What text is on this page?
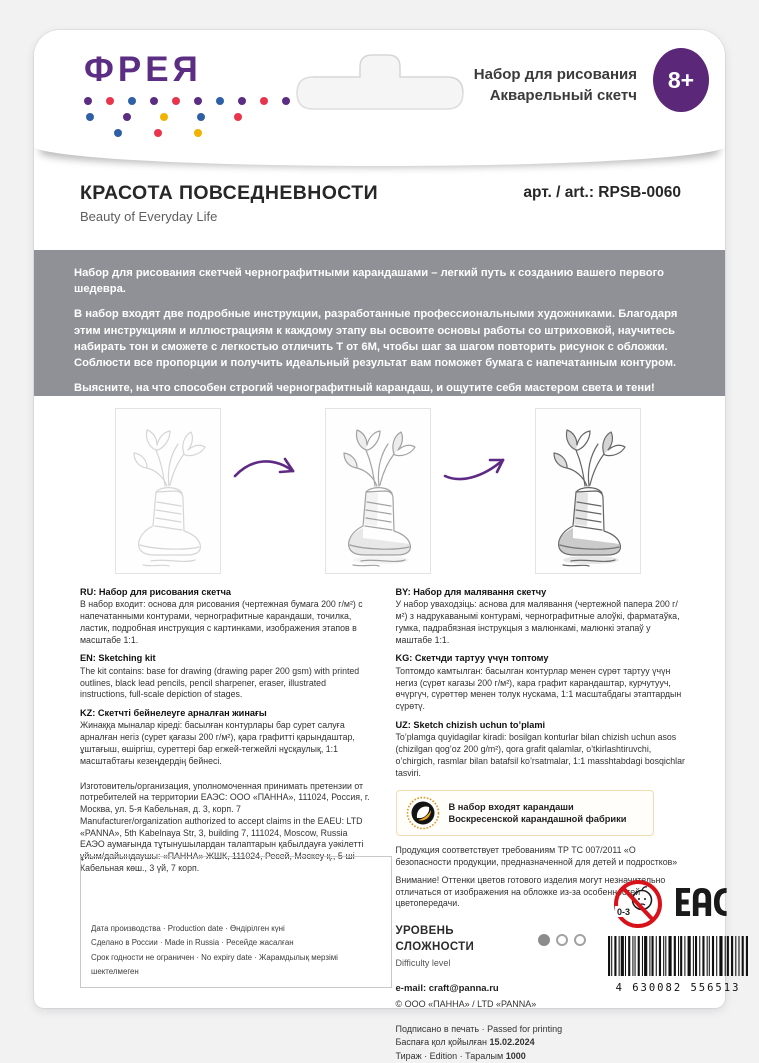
ФРЕЯ	Набор для рисования
Акварельный скетч
8+
КРАСОТА ПОВСЕДНЕВНОСТИ
Beauty of Everyday Life
арт. / art.: RPSB-0060

Набор для рисования скетчей чернографитными карандашами – легкий путь к созданию вашего первого шедевра.

В набор входят две подробные инструкции, разработанные профессиональными художниками. Благодаря этим инструкциям и иллюстрациям к каждому этапу вы освоите основы работы со штриховкой, научитесь набирать тон и сможете с легкостью отличить Т от 6М, чтобы шаг за шагом повторить рисунок с обложки. Соблюсти все пропорции и получить идеальный результат вам поможет бумага с напечатанным контуром.

Выясните, на что способен строгий чернографитный карандаш, и ощутите себя мастером света и тени!

RU: Набор для рисования скетча
В набор входит: основа для рисования (чертежная бумага 200 г/м²) с напечатанными контурами, чернографитные карандаши, точилка, ластик, подробная инструкция с картинками, изображения этапов в масштабе 1:1.
EN: Sketching kit
The kit contains: base for drawing (drawing paper 200 gsm) with printed outlines, black lead pencils, pencil sharpener, eraser, illustrated instructions, full-scale depiction of stages.
KZ: Скетчті бейнелеуге арналған жинағы
Жинаққа мыналар кіреді: басылған контурлары бар сурет салуға арналған негіз (сурет қағазы 200 г/м²), қара графитті қарындаштар, ұштағыш, өшіргіш, суреттері бар егжей-тегжейлі нұсқаулық, 1:1 масштабтағы кезеңдердің бейнесі.
Изготовитель/организация, уполномоченная принимать претензии от потребителей на территории ЕАЭС: ООО «ПАННА», 111024, Россия, г. Москва, ул. 5-я Кабельная, д. 3, корп. 7
Manufacturer/organization authorized to accept claims in the EAEU: LTD «PANNA», 5th Kabelnaya Str, 3, building 7, 111024, Moscow, Russia
ЕАЭО аумағында тұтынушылардан талаптарын қабылдауға уәкілетті ұйым/дайындаушы: «ПАННА» ЖШК, 111024, Ресей, Мәскеу қ., 5-ші Кабельная көш., 3 үй, 7 корп.
BY: Набор для малявання скетчу
У набор уваходзіць: аснова для малявання (чертежной папера 200 г/м²) з надрукаванымі контурамі, чернографитные алоўкі, фарматаўка, гумка, падрабязная інструкцыя з малюнкамі, малюнкі этапаў у маштабе 1:1.
KG: Скетчди тартуу үчүн топтому
Топтомдо камтылган: басылган контурлар менен сүрөт тартуу үчүн негиз (сүрөт кагазы 200 г/м²), кара графит карандаштар, курчутууч, өчүргүч, сүрөттөр менен толук нускама, 1:1 масштабдагы этаптардын сүрөтү.
UZ: Sketch chizish uchun to’plami
To’plamga quyidagilar kiradi: bosilgan konturlar bilan chizish uchun asos (chizilgan qog’oz 200 g/m²), qora grafit qalamlar, o’tkirlashtiruvchi, o’chirgich, rasmlar bilan batafsil ko’rsatmalar, 1:1 masshtabdagi bosqichlar tasviri.
В набор входят карандаши
Воскресенской карандашной фабрики

Продукция соответствует требованиям ТР ТС 007/2011 «О безопасности продукции, предназначенной для детей и подростков»

Внимание! Оттенки цветов готового изделия могут незначительно отличаться от изображения на обложке из-за особенностей цветопередачи.

УРОВЕНЬ СЛОЖНОСТИ
Difficulty level
e-mail: craft@panna.ru
© ООО «ПАННА» / LTD «PANNA»
Подписано в печать · Passed for printing
Баспаға қол қойылған 15.02.2024
Тираж · Edition · Таралым 1000
Дата производства · Production date · Өндірілген күні
Сделано в России · Made in Russia · Ресейде жасалған
Срок годности не ограничен · No expiry date · Жарамдылық мерзімі шектелмеген
0-3
4 630082 556513
